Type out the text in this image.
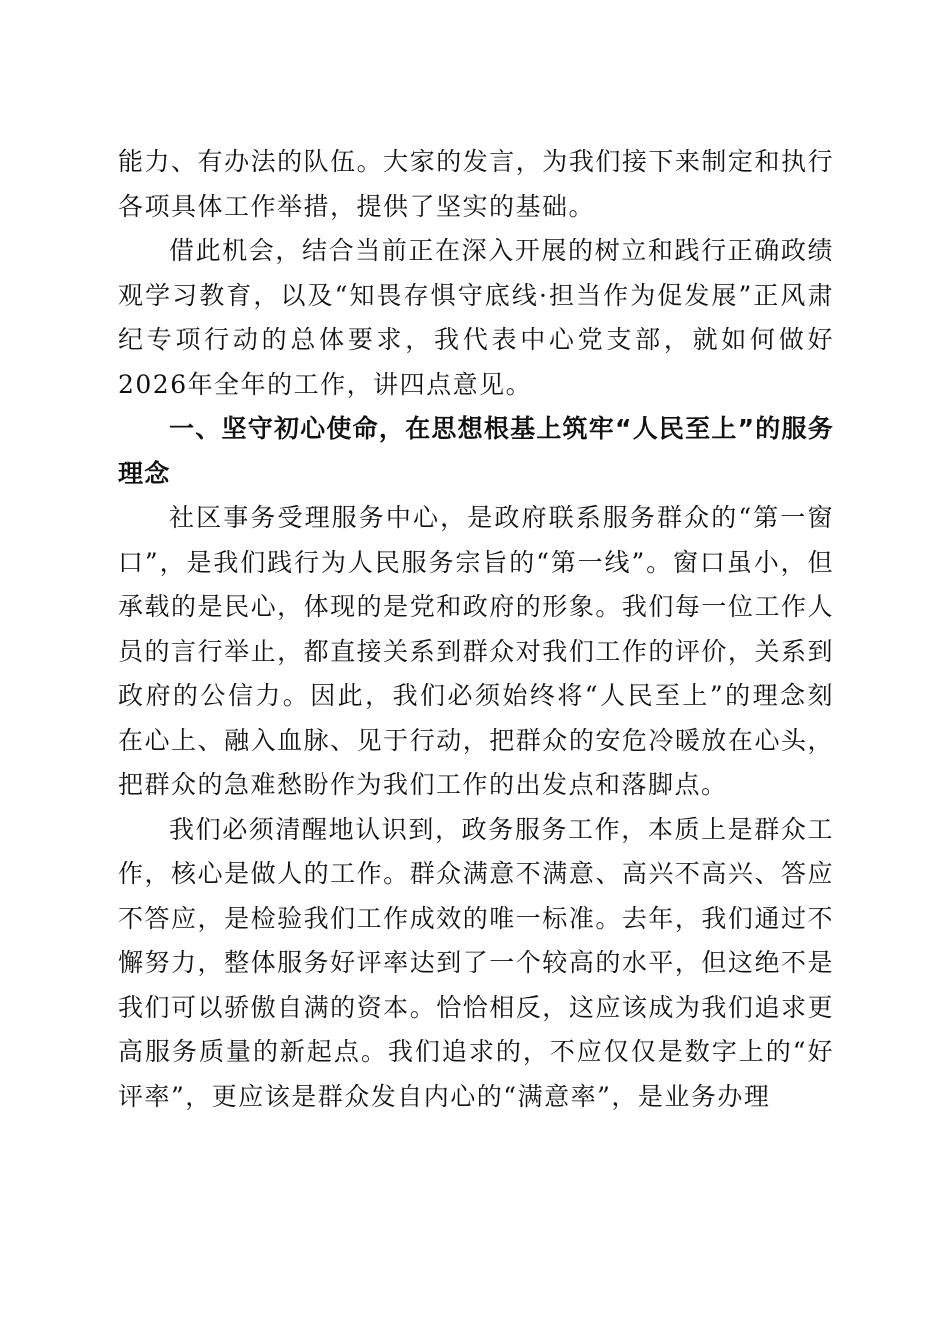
能力、有办法的队伍。大家的发言，为我们接下来制定和执行各项具体工作举措，提供了坚实的基础。

借此机会，结合当前正在深入开展的树立和践行正确政绩观学习教育，以及“知畏存惧守底线·担当作为促发展”正风肃纪专项行动的总体要求，我代表中心党支部，就如何做好2026年全年的工作，讲四点意见。

一、坚守初心使命，在思想根基上筑牢“人民至上”的服务理念

社区事务受理服务中心，是政府联系服务群众的“第一窗口”，是我们践行为人民服务宗旨的“第一线”。窗口虽小，但承载的是民心，体现的是党和政府的形象。我们每一位工作人员的言行举止，都直接关系到群众对我们工作的评价，关系到政府的公信力。因此，我们必须始终将“人民至上”的理念刻在心上、融入血脉、见于行动，把群众的安危冷暖放在心头，把群众的急难愁盼作为我们工作的出发点和落脚点。

我们必须清醒地认识到，政务服务工作，本质上是群众工作，核心是做人的工作。群众满意不满意、高兴不高兴、答应不答应，是检验我们工作成效的唯一标准。去年，我们通过不懈努力，整体服务好评率达到了一个较高的水平，但这绝不是我们可以骄傲自满的资本。恰恰相反，这应该成为我们追求更高服务质量的新起点。我们追求的，不应仅仅是数字上的“好评率”，更应该是群众发自内心的“满意率”，是业务办理
